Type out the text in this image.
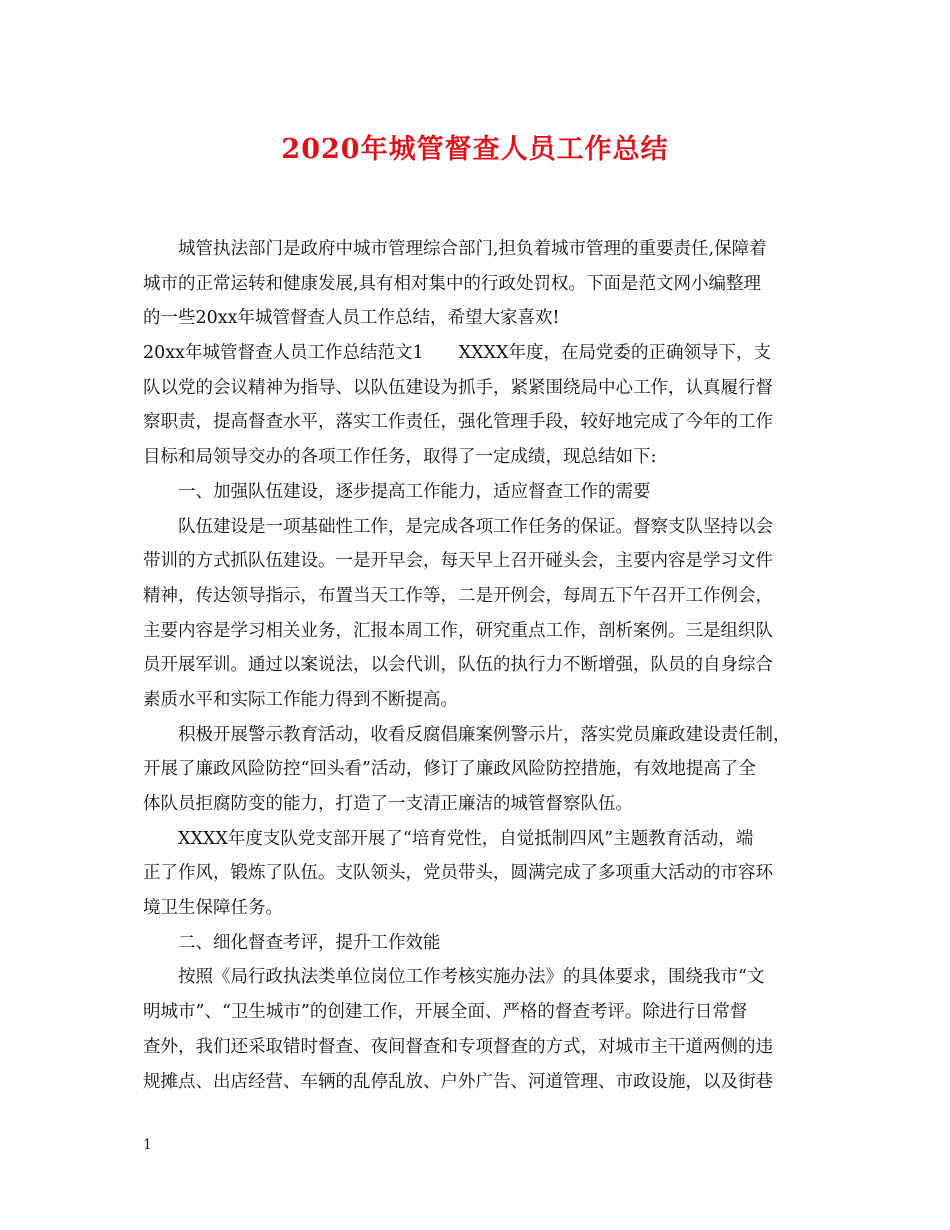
2020年城管督查人员工作总结
城管执法部门是政府中城市管理综合部门,担负着城市管理的重要责任,保障着
城市的正常运转和健康发展,具有相对集中的行政处罚权。下面是范文网小编整理
的一些20xx年城管督查人员工作总结，希望大家喜欢!
20xx年城管督查人员工作总结范文1　　XXXX年度，在局党委的正确领导下，支
队以党的会议精神为指导、以队伍建设为抓手，紧紧围绕局中心工作，认真履行督
察职责，提高督查水平，落实工作责任，强化管理手段，较好地完成了今年的工作
目标和局领导交办的各项工作任务，取得了一定成绩，现总结如下:
一、加强队伍建设，逐步提高工作能力，适应督查工作的需要
队伍建设是一项基础性工作，是完成各项工作任务的保证。督察支队坚持以会
带训的方式抓队伍建设。一是开早会，每天早上召开碰头会，主要内容是学习文件
精神，传达领导指示，布置当天工作等，二是开例会，每周五下午召开工作例会，
主要内容是学习相关业务，汇报本周工作，研究重点工作，剖析案例。三是组织队
员开展军训。通过以案说法，以会代训，队伍的执行力不断增强，队员的自身综合
素质水平和实际工作能力得到不断提高。
积极开展警示教育活动，收看反腐倡廉案例警示片，落实党员廉政建设责任制，
开展了廉政风险防控“回头看”活动，修订了廉政风险防控措施，有效地提高了全
体队员拒腐防变的能力，打造了一支清正廉洁的城管督察队伍。
XXXX年度支队党支部开展了“培育党性，自觉抵制四风”主题教育活动，端
正了作风，锻炼了队伍。支队领头，党员带头，圆满完成了多项重大活动的市容环
境卫生保障任务。
二、细化督查考评，提升工作效能
按照《局行政执法类单位岗位工作考核实施办法》的具体要求，围绕我市“文
明城市”、“卫生城市”的创建工作，开展全面、严格的督查考评。除进行日常督
查外，我们还采取错时督查、夜间督查和专项督查的方式，对城市主干道两侧的违
规摊点、出店经营、车辆的乱停乱放、户外广告、河道管理、市政设施，以及街巷
1
